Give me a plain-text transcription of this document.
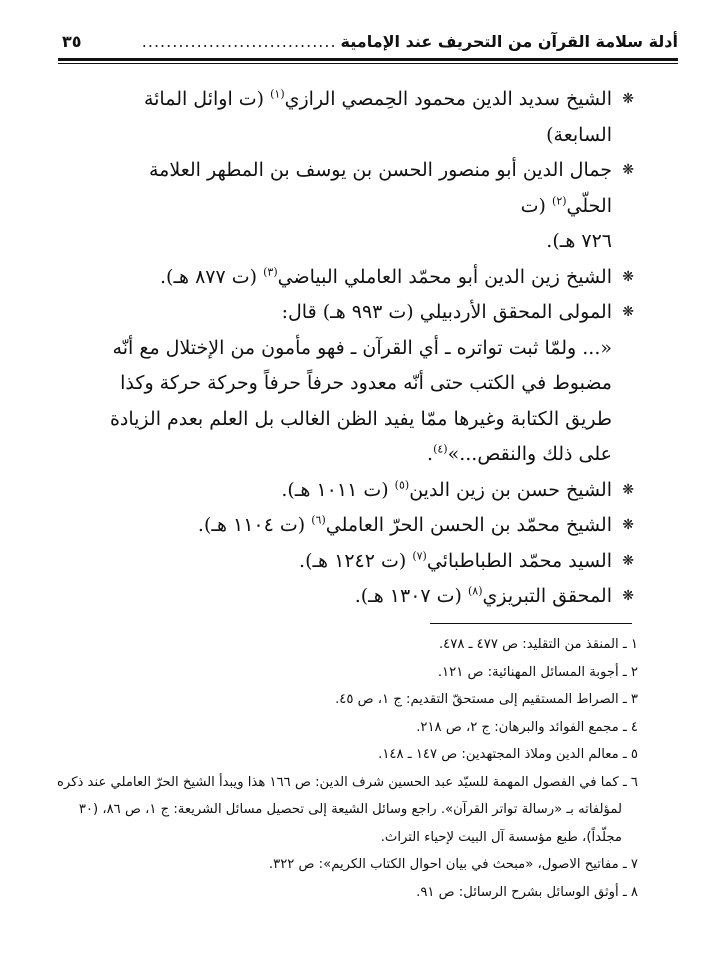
أدلة سلامة القرآن من التحريف عند الإمامية
................................
٣٥

❋
الشيخ سديد الدين محمود الحِمصي الرازي$^{(١)}$ (ت اوائل المائة السابعة)

❋
جمال الدين أبو منصور الحسن بن يوسف بن المطهر العلامة الحلّي$^{(٢)}$ (ت
٧٢٦ هـ).

❋
الشيخ زين الدين أبو محمّد العاملي البياضي$^{(٣)}$ (ت ٨٧٧ هـ).

❋
المولى المحقق الأردبيلي (ت ٩٩٣ هـ) قال:

«... ولمّا ثبت تواتره ـ أي القرآن ـ فهو مأمون من الإختلال مع أنّه
مضبوط في الكتب حتى أنّه معدود حرفاً حرفاً وحركة حركة وكذا
طريق الكتابة وغيرها ممّا يفيد الظن الغالب بل العلم بعدم الزيادة
على ذلك والنقص...»$^{(٤)}$.

❋
الشيخ حسن بن زين الدين$^{(٥)}$ (ت ١٠١١ هـ).

❋
الشيخ محمّد بن الحسن الحرّ العاملي$^{(٦)}$ (ت ١١٠٤ هـ).

❋
السيد محمّد الطباطبائي$^{(٧)}$ (ت ١٢٤٢ هـ).

❋
المحقق التبريزي$^{(٨)}$ (ت ١٣٠٧ هـ).

١ ـ المنقذ من التقليد: ص ٤٧٧ ـ ٤٧٨.

٢ ـ أجوبة المسائل المهنائية: ص ١٢١.

٣ ـ الصراط المستقيم إلى مستحقّ التقديم: ج ١، ص ٤٥.

٤ ـ مجمع الفوائد والبرهان: ج ٢، ص ٢١٨.

٥ ـ معالم الدين وملاذ المجتهدين: ص ١٤٧ ـ ١٤٨.

٦ ـ كما في الفصول المهمة للسيّد عبد الحسين شرف الدين: ص ١٦٦ هذا ويبدأ الشيخ الحرّ العاملي عند ذكره

لمؤلفاته بـ «رسالة تواتر القرآن». راجع وسائل الشيعة إلى تحصيل مسائل الشريعة: ج ١، ص ٨٦، (٣٠

مجلّداً)، طبع مؤسسة آل البيت لإحياء التراث.

٧ ـ مفاتيح الاصول، «مبحث في بيان احوال الكتاب الكريم»: ص ٣٢٢.

٨ ـ أوثق الوسائل بشرح الرسائل: ص ٩١.
